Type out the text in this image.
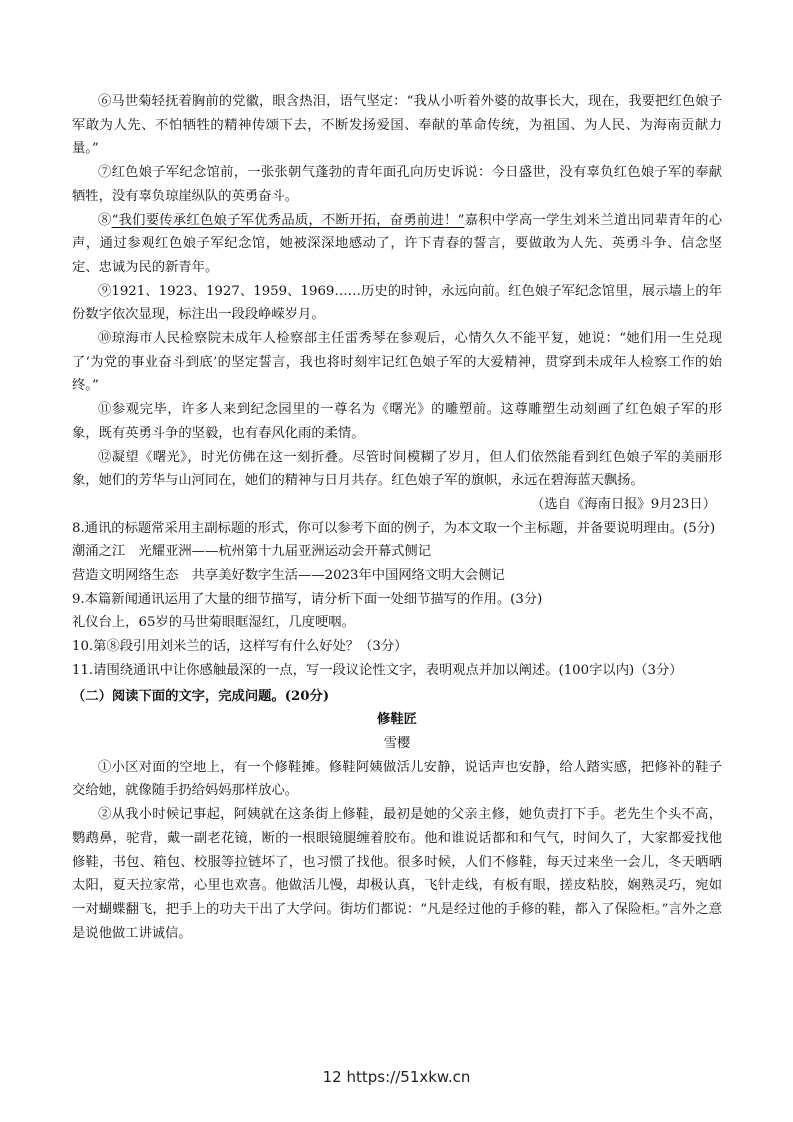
⑥马世菊轻抚着胸前的党徽，眼含热泪，语气坚定：“我从小听着外婆的故事长大，现在，我要把红色娘子军敢为人先、不怕牺牲的精神传颂下去，不断发扬爱国、奉献的革命传统，为祖国、为人民、为海南贡献力量。”

⑦红色娘子军纪念馆前，一张张朝气蓬勃的青年面孔向历史诉说：今日盛世，没有辜负红色娘子军的奉献牺牲，没有辜负琼崖纵队的英勇奋斗。

⑧“我们要传承红色娘子军优秀品质，不断开拓，奋勇前进！”嘉积中学高一学生刘米兰道出同辈青年的心声，通过参观红色娘子军纪念馆，她被深深地感动了，许下青春的誓言，要做敢为人先、英勇斗争、信念坚定、忠诚为民的新青年。

⑨1921、1923、1927、1959、1969……历史的时钟，永远向前。红色娘子军纪念馆里，展示墙上的年份数字依次显现，标注出一段段峥嵘岁月。

⑩琼海市人民检察院未成年人检察部主任雷秀琴在参观后，心情久久不能平复，她说：“她们用一生兑现了‘为党的事业奋斗到底’的坚定誓言，我也将时刻牢记红色娘子军的大爱精神，贯穿到未成年人检察工作的始终。”

⑪参观完毕，许多人来到纪念园里的一尊名为《曙光》的雕塑前。这尊雕塑生动刻画了红色娘子军的形象，既有英勇斗争的坚毅，也有春风化雨的柔情。

⑫凝望《曙光》，时光仿佛在这一刻折叠。尽管时间模糊了岁月，但人们依然能看到红色娘子军的美丽形象，她们的芳华与山河同在，她们的精神与日月共存。红色娘子军的旗帜，永远在碧海蓝天飘扬。

（选自《海南日报》9月23日）

8.通讯的标题常采用主副标题的形式，你可以参考下面的例子，为本文取一个主标题，并备要说明理由。(5分)

潮涌之江　光耀亚洲——杭州第十九届亚洲运动会开幕式侧记

营造文明网络生态　共享美好数字生活——2023年中国网络文明大会侧记

9.本篇新闻通讯运用了大量的细节描写，请分析下面一处细节描写的作用。(3分)

礼仪台上，65岁的马世菊眼眶湿红，几度哽咽。

10.第⑧段引用刘米兰的话，这样写有什么好处？（3分）

11.请围绕通讯中让你感触最深的一点，写一段议论性文字，表明观点并加以阐述。(100字以内)（3分）

（二）阅读下面的文字，完成问题。(20分)

修鞋匠

雪樱

①小区对面的空地上，有一个修鞋摊。修鞋阿姨做活儿安静，说话声也安静，给人踏实感，把修补的鞋子交给她，就像随手扔给妈妈那样放心。

②从我小时候记事起，阿姨就在这条街上修鞋，最初是她的父亲主修，她负责打下手。老先生个头不高，鹦鹉鼻，驼背，戴一副老花镜，断的一根眼镜腿缠着胶布。他和谁说话都和和气气，时间久了，大家都爱找他修鞋，书包、箱包、校服等拉链坏了，也习惯了找他。很多时候，人们不修鞋，每天过来坐一会儿，冬天晒晒太阳，夏天拉家常，心里也欢喜。他做活儿慢，却极认真，飞针走线，有板有眼，搓皮粘胶，娴熟灵巧，宛如一对蝴蝶翻飞，把手上的功夫干出了大学问。街坊们都说：“凡是经过他的手修的鞋，都入了保险柜。”言外之意是说他做工讲诚信。

12 https://51xkw.cn
